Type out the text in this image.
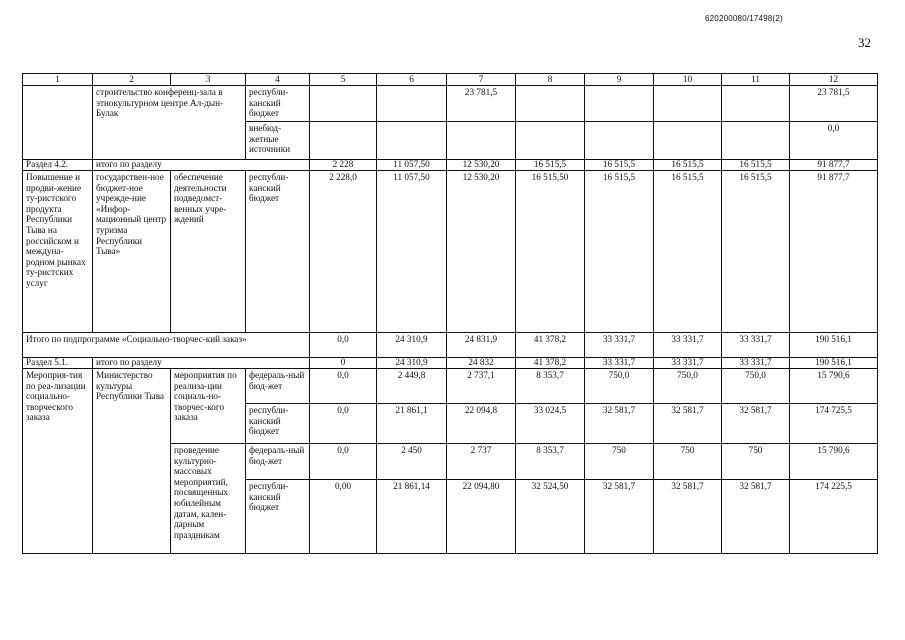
620200080/17498(2)
32
1	2	3	4	5	6	7	8	9	10	11	12
	строительство конференц-зала в этнокультурном центре Ал-дын-Булак		республи-канский бюджет			23 781,5					23 781,5
			внебюд-жетные источники								0,0
Раздел 4.2.	итого по разделу			2 228	11 057,50	12 530,20	16 515,5	16 515,5	16 515,5	16 515,5	91 877,7
Повышение и продви-жение ту-ристского продукта Республики Тыва на российском и междуна-родном рынках ту-ристских услуг	государствен-ное бюджет-ное учрежде-ние «Инфор-мационный центр туризма Республики Тыва»	обеспечение деятельности подведомст-венных учре-ждений	республи-канский бюджет	2 228,0	11 057,50	12 530,20	16 515,50	16 515,5	16 515,5	16 515,5	91 877,7
Итого по подпрограмме «Социально-творчес-кий заказ»				0,0	24 310,9	24 831,9	41 378,2	33 331,7	33 331,7	33 331,7	190 516,1
Раздел 5.1.	итого по разделу			0	24 310,9	24 832	41 378,2	33 331,7	33 331,7	33 331,7	190 516,1
Мероприя-тия по реа-лизации социально-творческого заказа	Министерство культуры Республики Тыва	мероприятия по реализа-ции социаль-но-творчес-кого заказа	федераль-ный бюд-жет	0,0	2 449,8	2 737,1	8 353,7	750,0	750,0	750,0	15 790,6
			республи-канский бюджет	0,0	21 861,1	22 094,8	33 024,5	32 581,7	32 581,7	32 581,7	174 725,5
		проведение культурно-массовых мероприятий, посвященных юбилейным датам, кален-дарным праздникам	федераль-ный бюд-жет	0,0	2 450	2 737	8 353,7	750	750	750	15 790,6
			республи-канский бюджет	0,00	21 861,14	22 094,80	32 524,50	32 581,7	32 581,7	32 581,7	174 225,5
